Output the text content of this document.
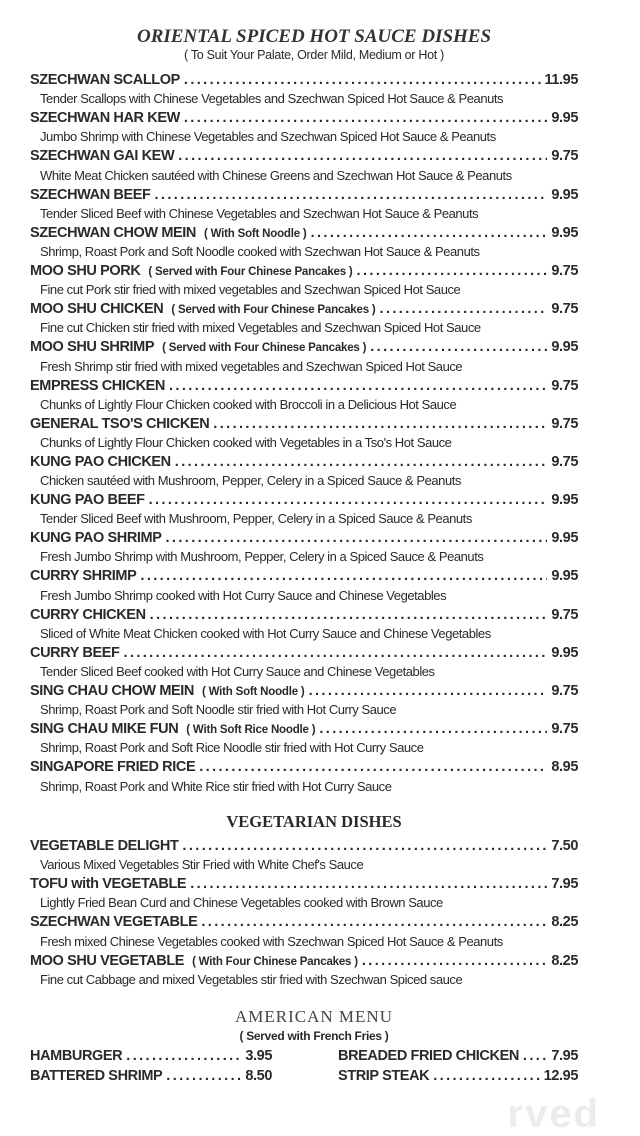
rved
ORIENTAL SPICED HOT SAUCE DISHES
( To Suit Your Palate, Order Mild, Medium or Hot )
SZECHWAN SCALLOP .....	11.95
Tender Scallops with Chinese Vegetables and Szechwan Spiced Hot Sauce & Peanuts
SZECHWAN HAR KEW .....	9.95
Jumbo Shrimp with Chinese Vegetables and Szechwan Spiced Hot Sauce & Peanuts
SZECHWAN GAI KEW .....	9.75
White Meat Chicken sautéed with Chinese Greens and Szechwan Hot Sauce & Peanuts
SZECHWAN BEEF .....	9.95
Tender Sliced Beef with Chinese Vegetables and Szechwan Hot Sauce & Peanuts
SZECHWAN CHOW MEIN ( With Soft Noodle ) .....	9.95
Shrimp, Roast Pork and Soft Noodle cooked with Szechwan Hot Sauce & Peanuts
MOO SHU PORK ( Served with Four Chinese Pancakes ) .....	9.75
Fine cut Pork stir fried with mixed vegetables and Szechwan Spiced Hot Sauce
MOO SHU CHICKEN ( Served with Four Chinese Pancakes ) .....	9.75
Fine cut Chicken stir fried with mixed Vegetables and Szechwan Spiced Hot Sauce
MOO SHU SHRIMP ( Served with Four Chinese Pancakes ) .....	9.95
Fresh Shrimp stir fried with mixed vegetables and Szechwan Spiced Hot Sauce
EMPRESS CHICKEN .....	9.75
Chunks of Lightly Flour Chicken cooked with Broccoli in a Delicious Hot Sauce
GENERAL TSO'S CHICKEN .....	9.75
Chunks of Lightly Flour Chicken cooked with Vegetables in a Tso's Hot Sauce
KUNG PAO CHICKEN .....	9.75
Chicken sautéed with Mushroom, Pepper, Celery in a Spiced Sauce & Peanuts
KUNG PAO BEEF .....	9.95
Tender Sliced Beef with Mushroom, Pepper, Celery in a Spiced Sauce & Peanuts
KUNG PAO SHRIMP .....	9.95
Fresh Jumbo Shrimp with Mushroom, Pepper, Celery in a Spiced Sauce & Peanuts
CURRY SHRIMP .....	9.95
Fresh Jumbo Shrimp cooked with Hot Curry Sauce and Chinese Vegetables
CURRY CHICKEN .....	9.75
Sliced of White Meat Chicken cooked with Hot Curry Sauce and Chinese Vegetables
CURRY BEEF .....	9.95
Tender Sliced Beef cooked with Hot Curry Sauce and Chinese Vegetables
SING CHAU CHOW MEIN ( With Soft Noodle ) .....	9.75
Shrimp, Roast Pork and Soft Noodle stir fried with Hot Curry Sauce
SING CHAU MIKE FUN ( With Soft Rice Noodle ) .....	9.75
Shrimp, Roast Pork and Soft Rice Noodle stir fried with Hot Curry Sauce
SINGAPORE FRIED RICE .....	8.95
Shrimp, Roast Pork and White Rice stir fried with Hot Curry Sauce
VEGETARIAN DISHES
VEGETABLE DELIGHT .....	7.50
Various Mixed Vegetables Stir Fried with White Chef's Sauce
TOFU with VEGETABLE .....	7.95
Lightly Fried Bean Curd and Chinese Vegetables cooked with Brown Sauce
SZECHWAN VEGETABLE .....	8.25
Fresh mixed Chinese Vegetables cooked with Szechwan Spiced Hot Sauce & Peanuts
MOO SHU VEGETABLE ( With Four Chinese Pancakes ) .....	8.25
Fine cut Cabbage and mixed Vegetables stir fried with Szechwan Spiced sauce
AMERICAN MENU
( Served with French Fries )
HAMBURGER .....	3.95
BATTERED SHRIMP .....	8.50
BREADED FRIED CHICKEN ..... 7.95
STRIP STEAK .....	12.95
